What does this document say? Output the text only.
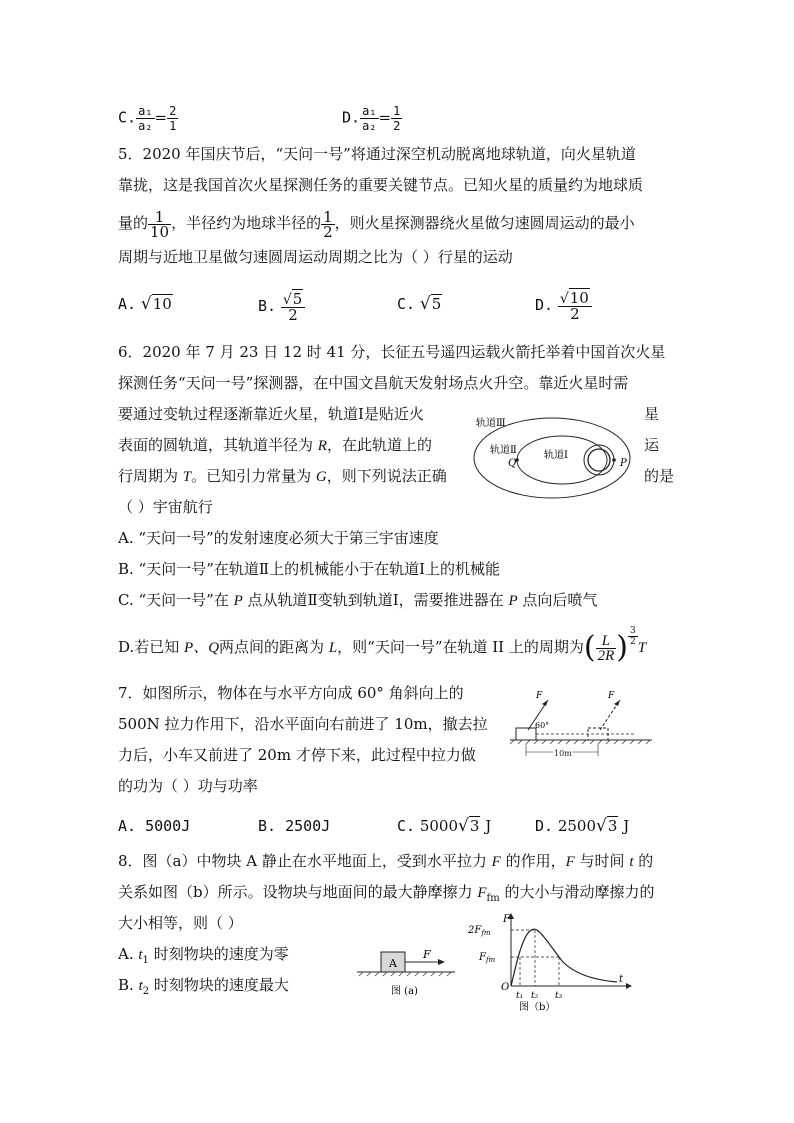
C. $\frac{\text{a₁}}{\text{a₂}} = \frac{2}{1}$	D. $\frac{\text{a₁}}{\text{a₂}} = \frac{1}{2}$
5．2020 年国庆节后，“天问一号”将通过深空机动脱离地球轨道，向火星轨道
靠拢，这是我国首次火星探测任务的重要关键节点。已知火星的质量约为地球质
量的 $\frac{1}{10}$ ，半径约为地球半径的 $\frac{1}{2}$ ，则火星探测器绕火星做匀速圆周运动的最小
周期与近地卫星做匀速圆周运动周期之比为（ ）行星的运动
A. √10	B. $\frac{√5}{2}$	C. √5	D. $\frac{√10}{2}$
6．2020 年 7 月 23 日 12 时 41 分，长征五号遥四运载火箭托举着中国首次火星
探测任务“天问一号”探测器，在中国文昌航天发射场点火升空。靠近火星时需
要通过变轨过程逐渐靠近火星，轨道Ⅰ是贴近火	星
表面的圆轨道，其轨道半径为 R，在此轨道上的	运
行周期为 T。已知引力常量为 G，则下列说法正确	的是
（ ）宇宙航行
轨道Ⅲ
轨道Ⅱ	轨道Ⅰ
Q	P
A. “天问一号”的发射速度必须大于第三宇宙速度
B. “天问一号”在轨道Ⅱ上的机械能小于在轨道Ⅰ上的机械能
C. “天问一号”在 P 点从轨道Ⅱ变轨到轨道Ⅰ，需要推进器在 P 点向后喷气
D.若已知 P、Q两点间的距离为 L，则“天问一号”在轨道 II 上的周期为( $\frac{L}{2R}$ ) $\frac{3}{2}$
T
7．如图所示，物体在与水平方向成 60° 角斜向上的
500N 拉力作用下，沿水平面向右前进了 10m，撤去拉
力后，小车又前进了 20m 才停下来，此过程中拉力做
的功为（ ）功与功率
F	F
60°
10m
A. 5000J	B. 2500J	C. 5000√3 J	D. 2500√3 J
8．图（a）中物块 A 静止在水平地面上，受到水平拉力 F 的作用，F 与时间 t 的
关系如图（b）所示。设物块与地面间的最大静摩擦力 $F_{fm}$ 的大小与滑动摩擦力的
大小相等，则（ ）
A. $t_1$ 时刻物块的速度为零
B. $t_2$ 时刻物块的速度最大
A
F
图 (a)
F
$2F_{fm}$
$F_{fm}$
O
t
t₁ t₂ t₃
图（b）
